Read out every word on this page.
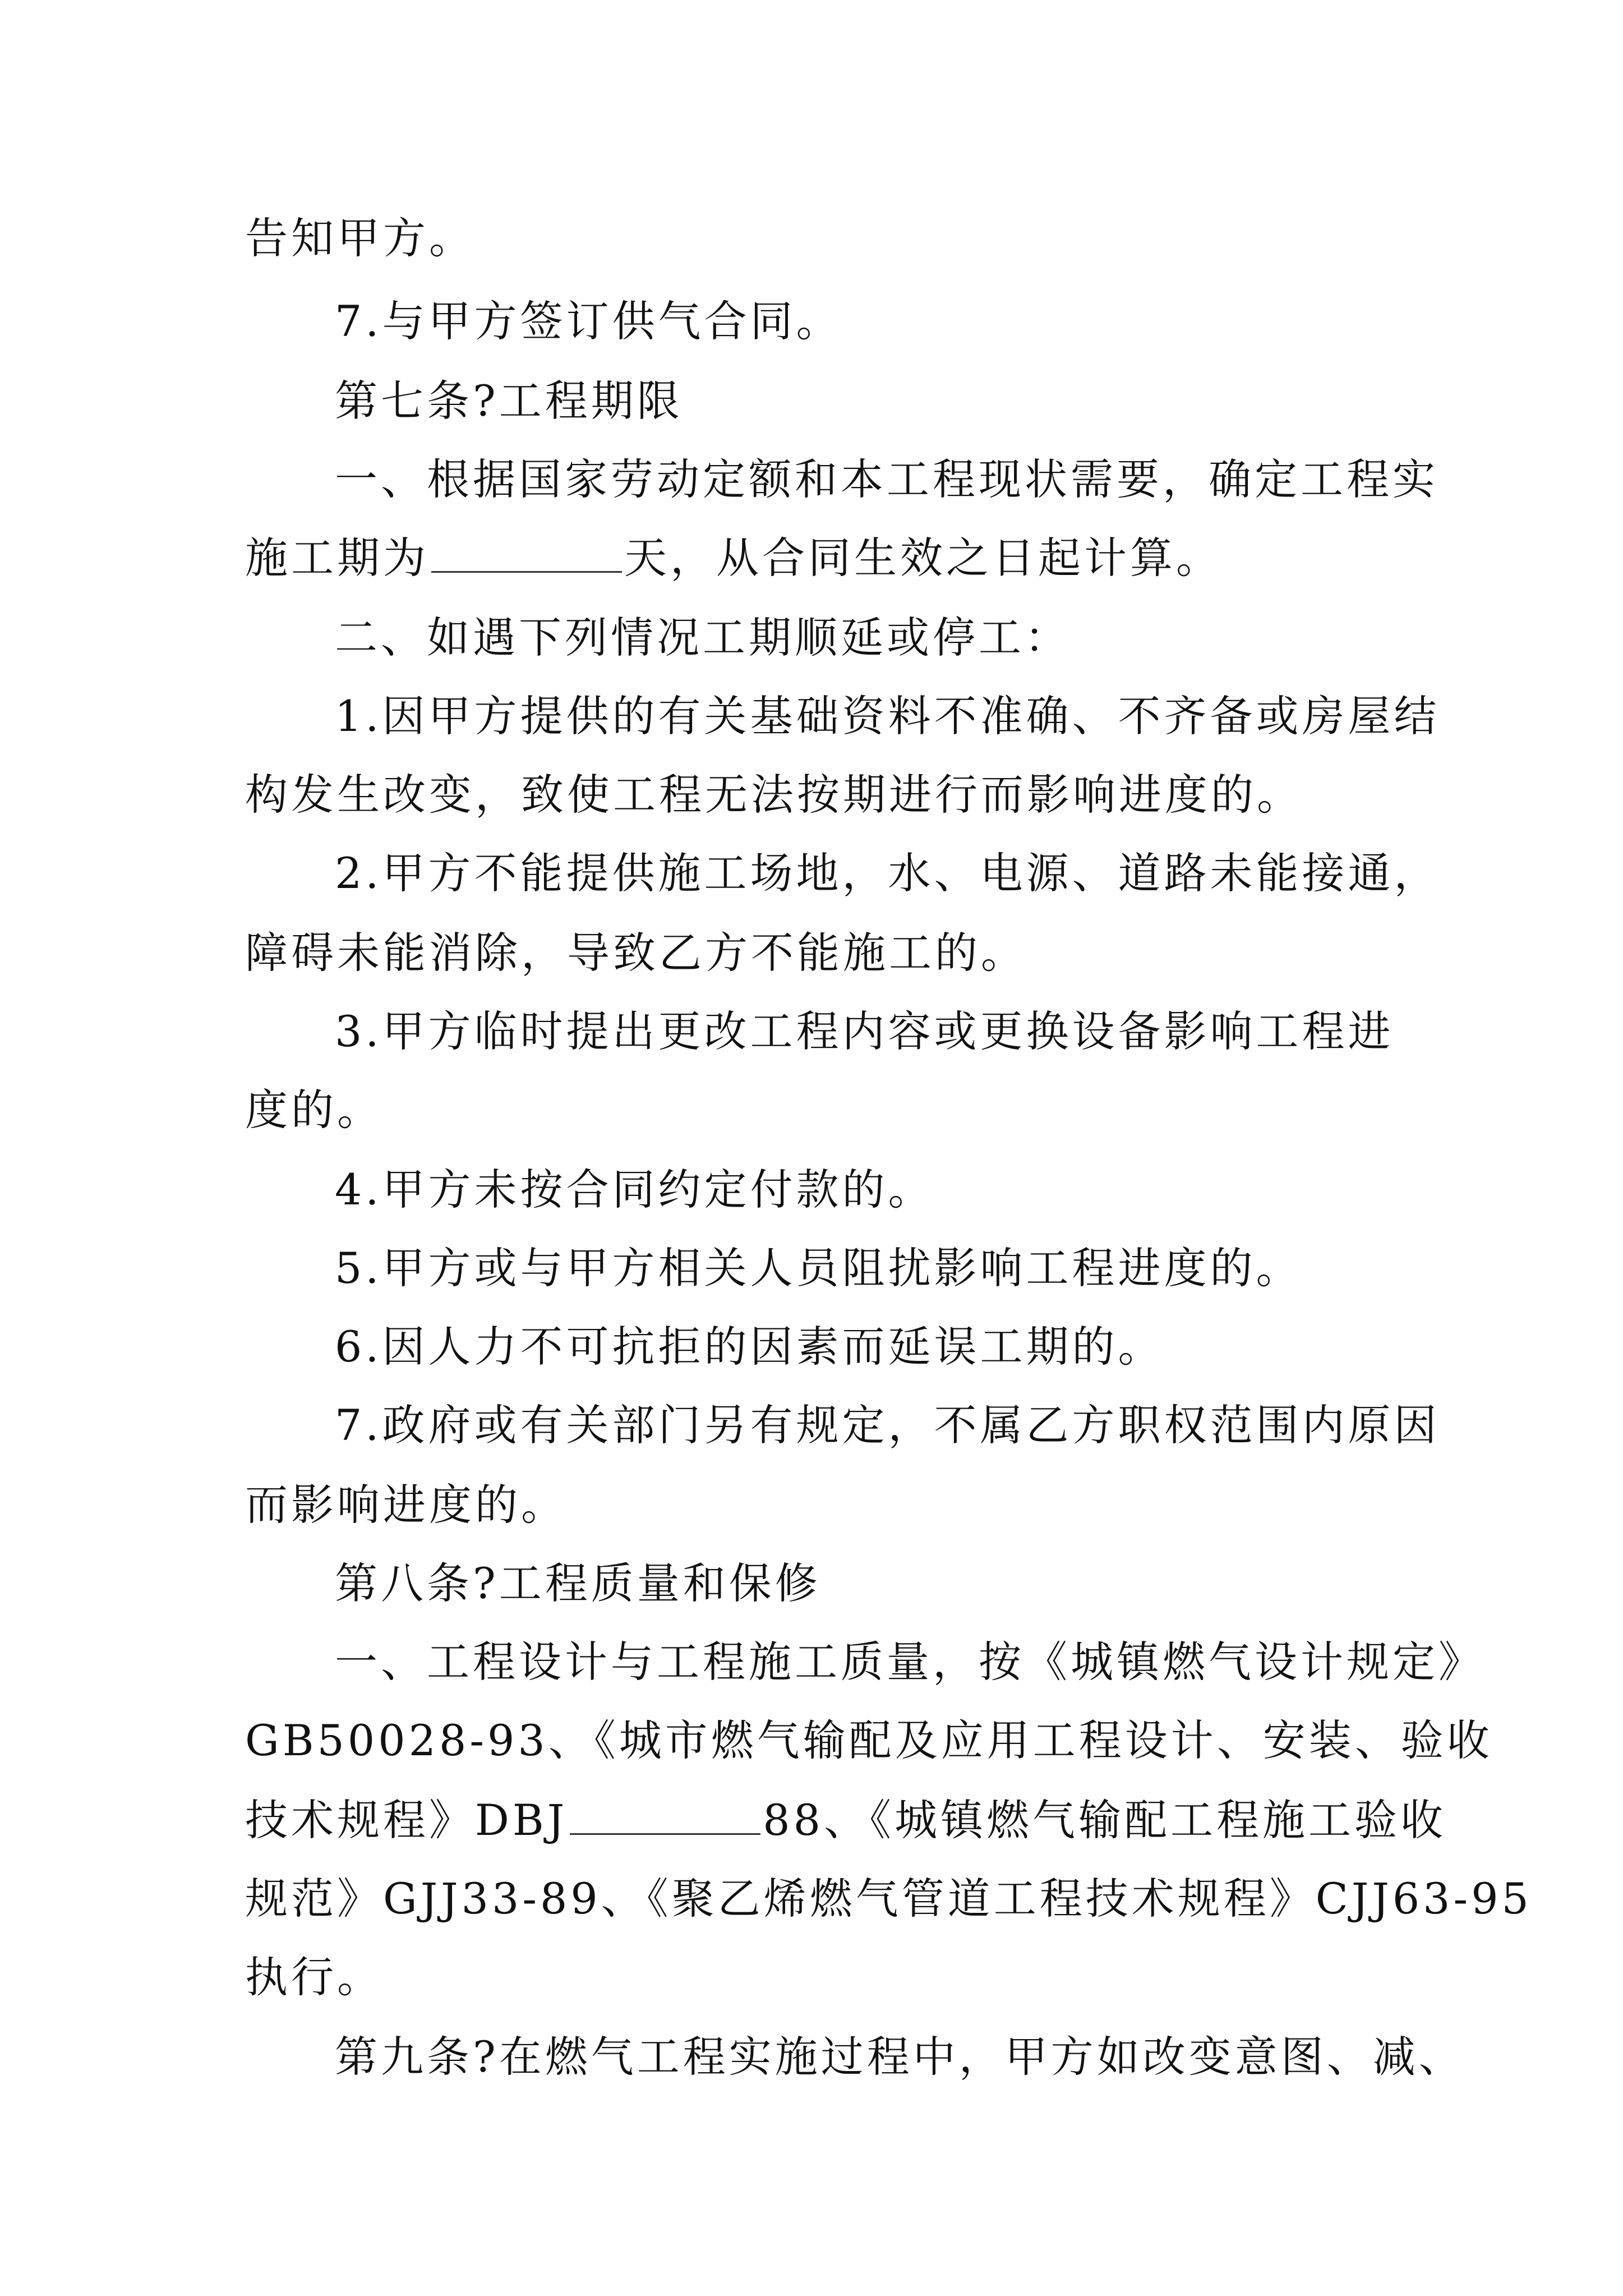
告知甲方。
7.与甲方签订供气合同。
第七条?工程期限
一、根据国家劳动定额和本工程现状需要，确定工程实
施工期为	天，从合同生效之日起计算。
二、如遇下列情况工期顺延或停工：
1.因甲方提供的有关基础资料不准确、不齐备或房屋结
构发生改变，致使工程无法按期进行而影响进度的。
2.甲方不能提供施工场地，水、电源、道路未能接通，
障碍未能消除，导致乙方不能施工的。
3.甲方临时提出更改工程内容或更换设备影响工程进
度的。
4.甲方未按合同约定付款的。
5.甲方或与甲方相关人员阻扰影响工程进度的。
6.因人力不可抗拒的因素而延误工期的。
7.政府或有关部门另有规定，不属乙方职权范围内原因
而影响进度的。
第八条?工程质量和保修
一、工程设计与工程施工质量，按《城镇燃气设计规定》
GB50028-93、《城市燃气输配及应用工程设计、安装、验收
技术规程》DBJ	88、《城镇燃气输配工程施工验收
规范》GJJ33-89、《聚乙烯燃气管道工程技术规程》CJJ63-95
执行。
第九条?在燃气工程实施过程中，甲方如改变意图、减、
